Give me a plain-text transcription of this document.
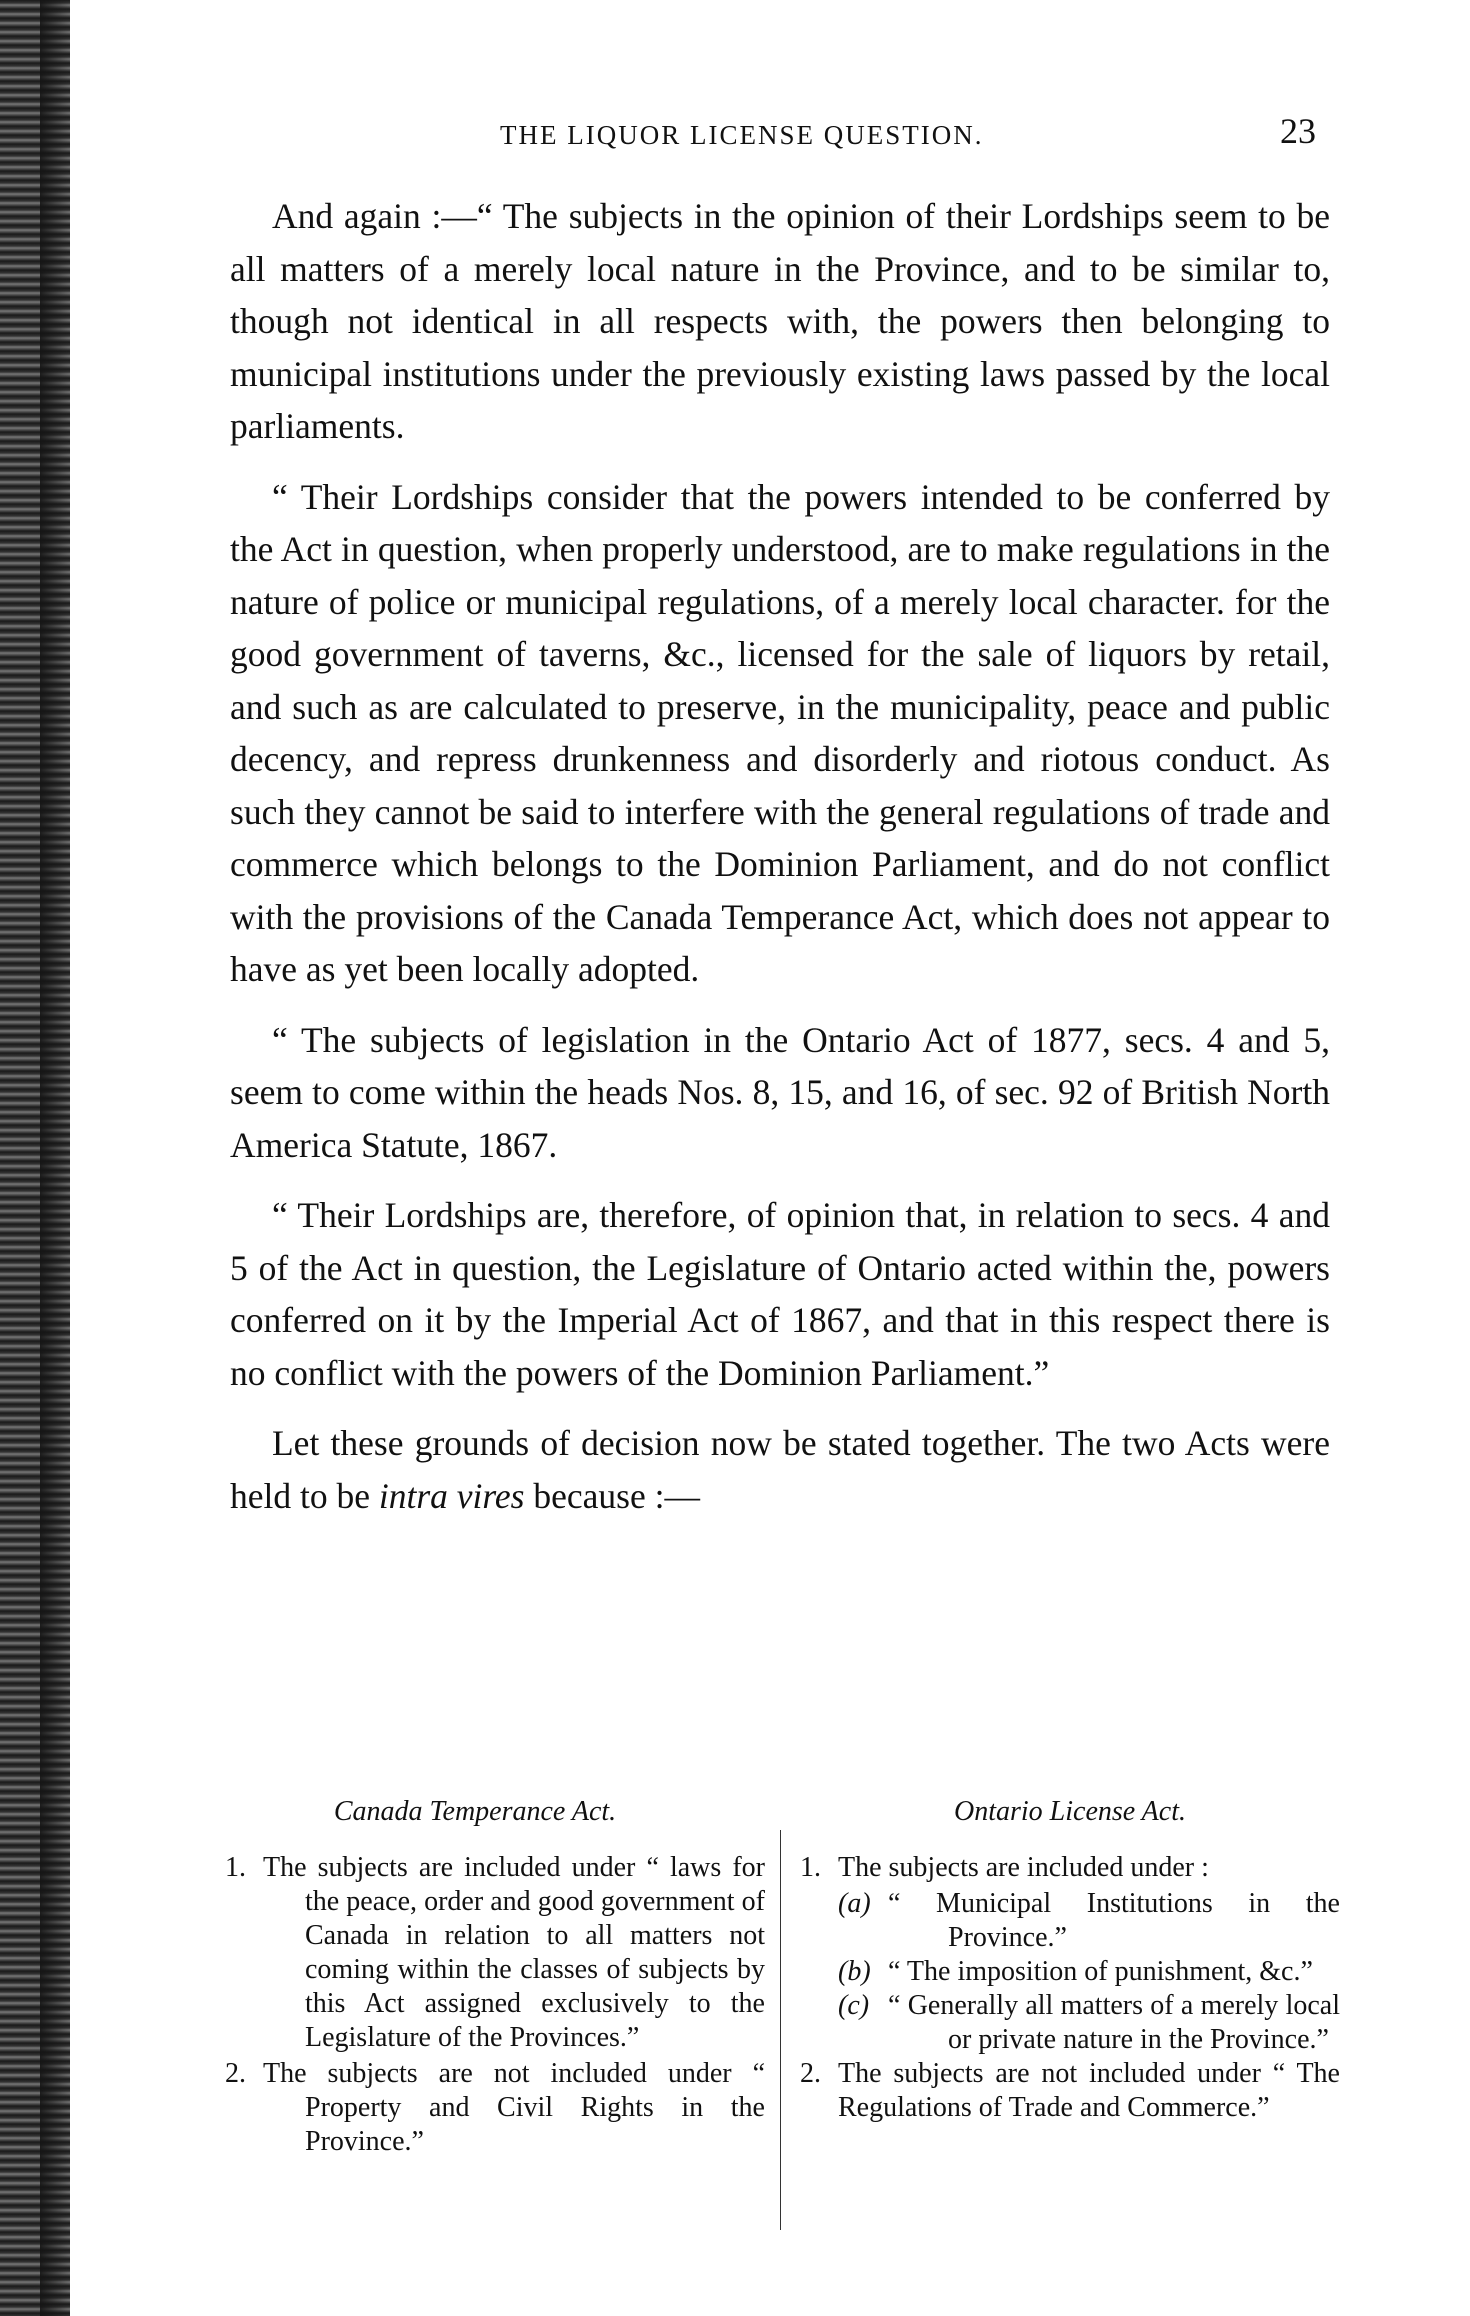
THE LIQUOR LICENSE QUESTION.	23

And again :—“ The subjects in the opinion of their Lordships seem to be all matters of a merely local nature in the Province, and to be similar to, though not identical in all respects with, the powers then belonging to municipal institutions under the previously existing laws passed by the local parliaments.

“ Their Lordships consider that the powers intended to be conferred by the Act in question, when properly understood, are to make regulations in the nature of police or municipal regulations, of a merely local character. for the good government of taverns, &c., licensed for the sale of liquors by retail, and such as are calculated to preserve, in the municipality, peace and public decency, and repress drunkenness and disorderly and riotous conduct. As such they cannot be said to interfere with the general regulations of trade and commerce which belongs to the Dominion Parliament, and do not conflict with the provisions of the Canada Temperance Act, which does not appear to have as yet been locally adopted.

“ The subjects of legislation in the Ontario Act of 1877, secs. 4 and 5, seem to come within the heads Nos. 8, 15, and 16, of sec. 92 of British North America Statute, 1867.

“ Their Lordships are, therefore, of opinion that, in relation to secs. 4 and 5 of the Act in question, the Legislature of Ontario acted within the, powers conferred on it by the Imperial Act of 1867, and that in this respect there is no conflict with the powers of the Dominion Parliament.”

Let these grounds of decision now be stated together. The two Acts were held to be intra vires because :—

Canada Temperance Act.
1. The subjects are included under “ laws for the peace, order and good government of Canada in relation to all matters not coming within the classes of subjects by this Act assigned exclusively to the Legislature of the Provinces.”
2. The subjects are not included under “ Property and Civil Rights in the Province.”
Ontario License Act.
1. The subjects are included under :
(a) “ Municipal Institutions in the Province.”
(b) “ The imposition of punishment, &c.”
(c) “ Generally all matters of a merely local or private nature in the Province.”
2. The subjects are not included under “ The Regulations of Trade and Commerce.”
